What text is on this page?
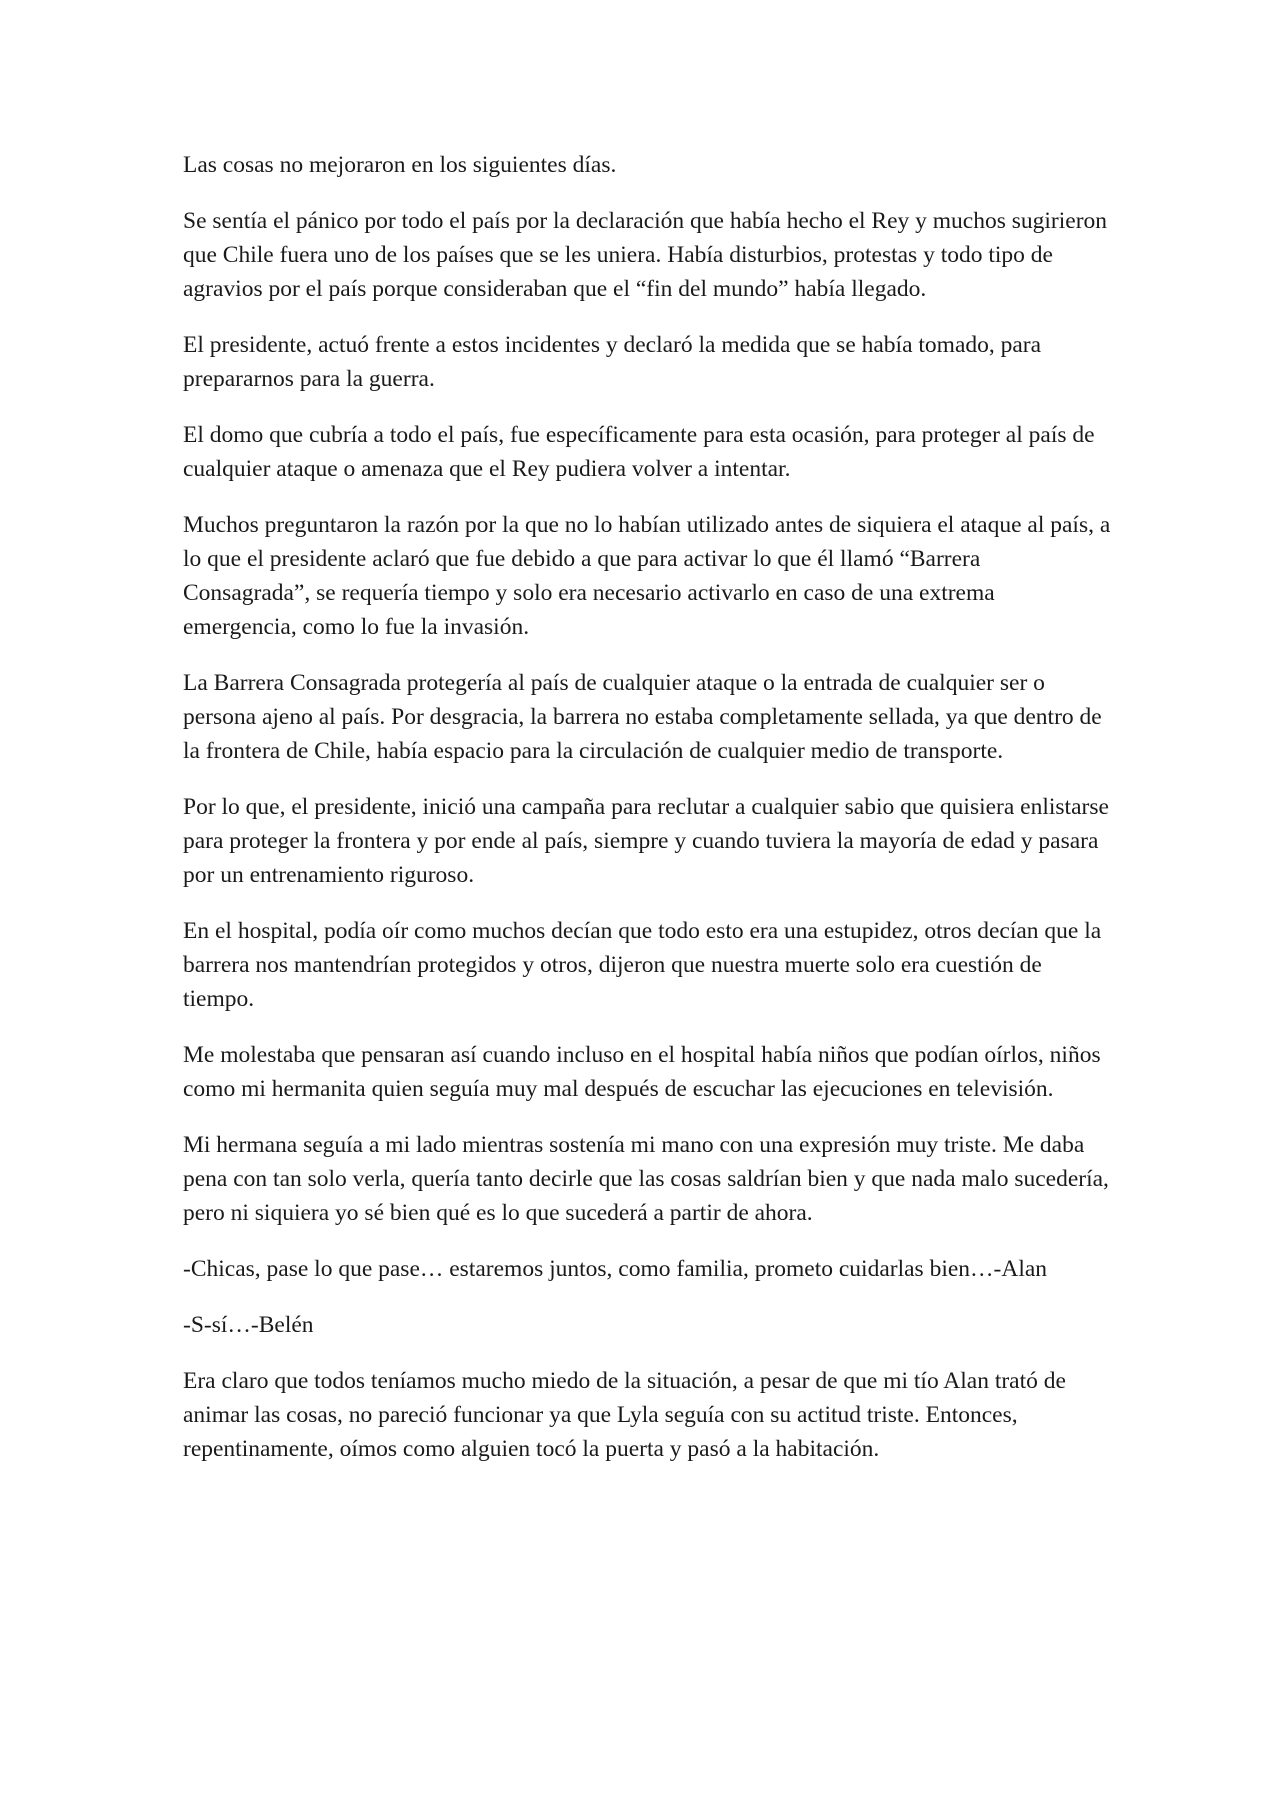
Las cosas no mejoraron en los siguientes días.

Se sentía el pánico por todo el país por la declaración que había hecho el Rey y muchos sugirieron que Chile fuera uno de los países que se les uniera. Había disturbios, protestas y todo tipo de agravios por el país porque consideraban que el “fin del mundo” había llegado.

El presidente, actuó frente a estos incidentes y declaró la medida que se había tomado, para prepararnos para la guerra.

El domo que cubría a todo el país, fue específicamente para esta ocasión, para proteger al país de cualquier ataque o amenaza que el Rey pudiera volver a intentar.

Muchos preguntaron la razón por la que no lo habían utilizado antes de siquiera el ataque al país, a lo que el presidente aclaró que fue debido a que para activar lo que él llamó “Barrera Consagrada”, se requería tiempo y solo era necesario activarlo en caso de una extrema emergencia, como lo fue la invasión.

La Barrera Consagrada protegería al país de cualquier ataque o la entrada de cualquier ser o persona ajeno al país. Por desgracia, la barrera no estaba completamente sellada, ya que dentro de la frontera de Chile, había espacio para la circulación de cualquier medio de transporte.

Por lo que, el presidente, inició una campaña para reclutar a cualquier sabio que quisiera enlistarse para proteger la frontera y por ende al país, siempre y cuando tuviera la mayoría de edad y pasara por un entrenamiento riguroso.

En el hospital, podía oír como muchos decían que todo esto era una estupidez, otros decían que la barrera nos mantendrían protegidos y otros, dijeron que nuestra muerte solo era cuestión de tiempo.

Me molestaba que pensaran así cuando incluso en el hospital había niños que podían oírlos, niños como mi hermanita quien seguía muy mal después de escuchar las ejecuciones en televisión.

Mi hermana seguía a mi lado mientras sostenía mi mano con una expresión muy triste. Me daba pena con tan solo verla, quería tanto decirle que las cosas saldrían bien y que nada malo sucedería, pero ni siquiera yo sé bien qué es lo que sucederá a partir de ahora.

-Chicas, pase lo que pase… estaremos juntos, como familia, prometo cuidarlas bien…-Alan

-S-sí…-Belén

Era claro que todos teníamos mucho miedo de la situación, a pesar de que mi tío Alan trató de animar las cosas, no pareció funcionar ya que Lyla seguía con su actitud triste. Entonces, repentinamente, oímos como alguien tocó la puerta y pasó a la habitación.
